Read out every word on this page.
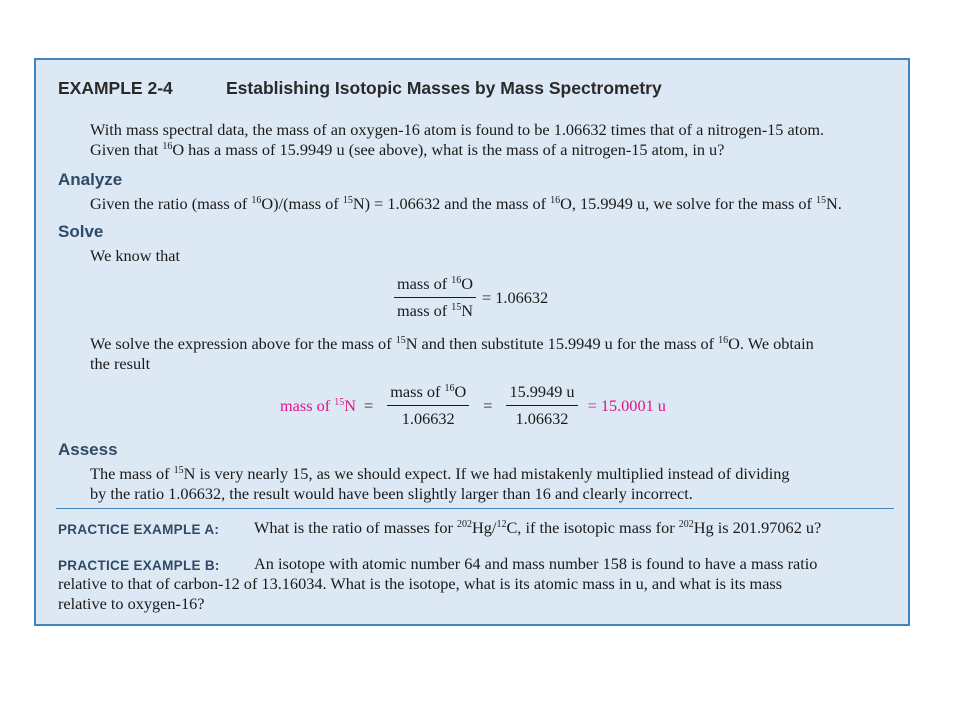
EXAMPLE 2-4	Establishing Isotopic Masses by Mass Spectrometry
With mass spectral data, the mass of an oxygen-16 atom is found to be 1.06632 times that of a nitrogen-15 atom.
Given that $^{16}$O has a mass of 15.9949 u (see above), what is the mass of a nitrogen-15 atom, in u?
Analyze
Given the ratio (mass of $^{16}$O)/(mass of $^{15}$N) = 1.06632 and the mass of $^{16}$O, 15.9949 u, we solve for the mass of $^{15}$N.
Solve
We know that
$\frac{mass of ^{16}O}{mass of ^{15}N} = 1.06632$
We solve the expression above for the mass of $^{15}$N and then substitute 15.9949 u for the mass of $^{16}$O. We obtain
the result
mass of $^{15}N = \frac{mass of ^{16}O}{1.06632} = \frac{15.9949 u}{1.06632} = 15.0001$ u
Assess
The mass of $^{15}$N is very nearly 15, as we should expect. If we had mistakenly multiplied instead of dividing
by the ratio 1.06632, the result would have been slightly larger than 16 and clearly incorrect.
PRACTICE EXAMPLE A: What is the ratio of masses for $^{202}$Hg/$^{12}$C, if the isotopic mass for $^{202}$Hg is 201.97062 u?
PRACTICE EXAMPLE B:	An isotope with atomic number 64 and mass number 158 is found to have a mass ratio
relative to that of carbon-12 of 13.16034. What is the isotope, what is its atomic mass in u, and what is its mass
relative to oxygen-16?
